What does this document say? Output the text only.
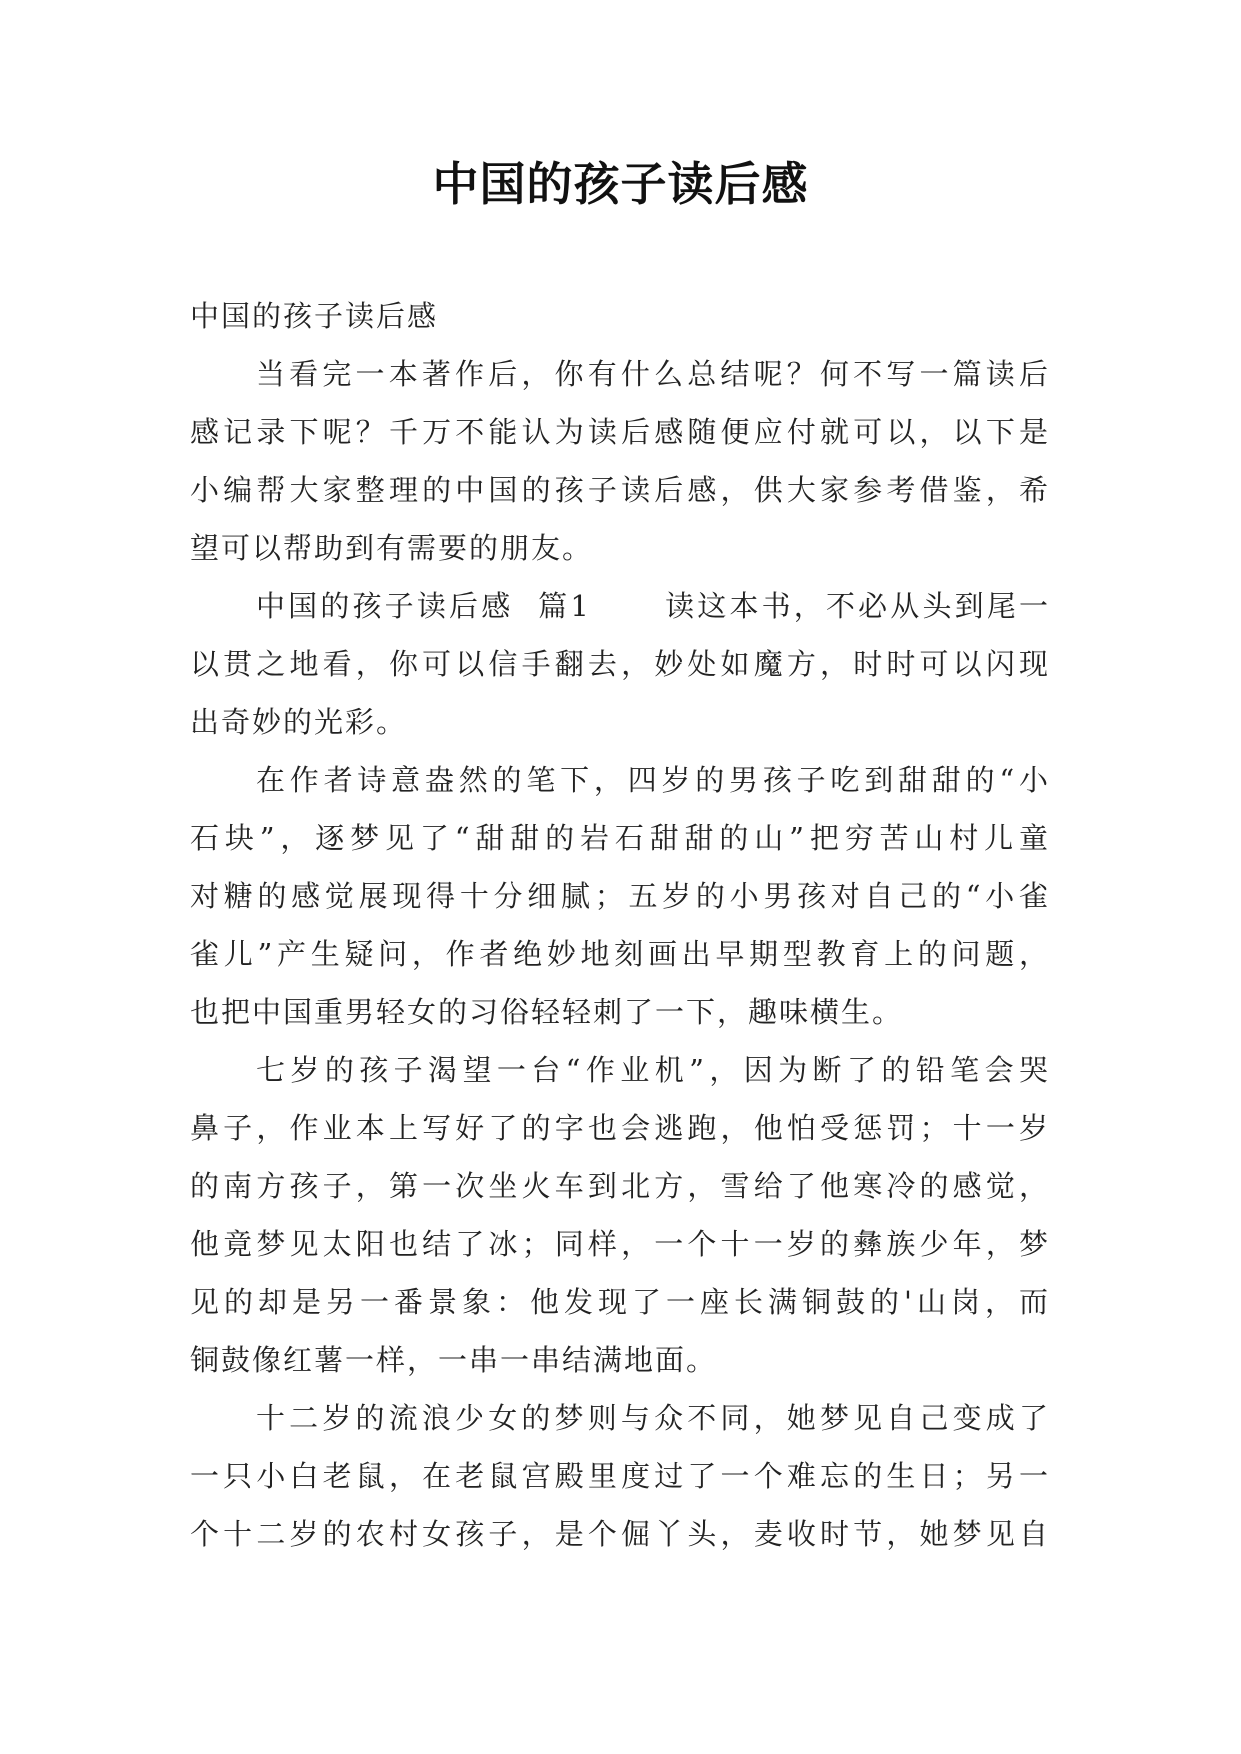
中国的孩子读后感
中国的孩子读后感
当看完一本著作后，你有什么总结呢？何不写一篇读后
感记录下呢？千万不能认为读后感随便应付就可以，以下是
小编帮大家整理的中国的孩子读后感，供大家参考借鉴，希
望可以帮助到有需要的朋友。
中国的孩子读后感  篇1      读这本书，不必从头到尾一
以贯之地看，你可以信手翻去，妙处如魔方，时时可以闪现
出奇妙的光彩。
在作者诗意盎然的笔下，四岁的男孩子吃到甜甜的“小
石块”，逐梦见了“甜甜的岩石甜甜的山”把穷苦山村儿童
对糖的感觉展现得十分细腻；五岁的小男孩对自己的“小雀
雀儿”产生疑问，作者绝妙地刻画出早期型教育上的问题，
也把中国重男轻女的习俗轻轻刺了一下，趣味横生。
七岁的孩子渴望一台“作业机”，因为断了的铅笔会哭
鼻子，作业本上写好了的字也会逃跑，他怕受惩罚；十一岁
的南方孩子，第一次坐火车到北方，雪给了他寒冷的感觉，
他竟梦见太阳也结了冰；同样，一个十一岁的彝族少年，梦
见的却是另一番景象：他发现了一座长满铜鼓的'山岗，而
铜鼓像红薯一样，一串一串结满地面。
十二岁的流浪少女的梦则与众不同，她梦见自己变成了
一只小白老鼠，在老鼠宫殿里度过了一个难忘的生日；另一
个十二岁的农村女孩子，是个倔丫头，麦收时节，她梦见自
